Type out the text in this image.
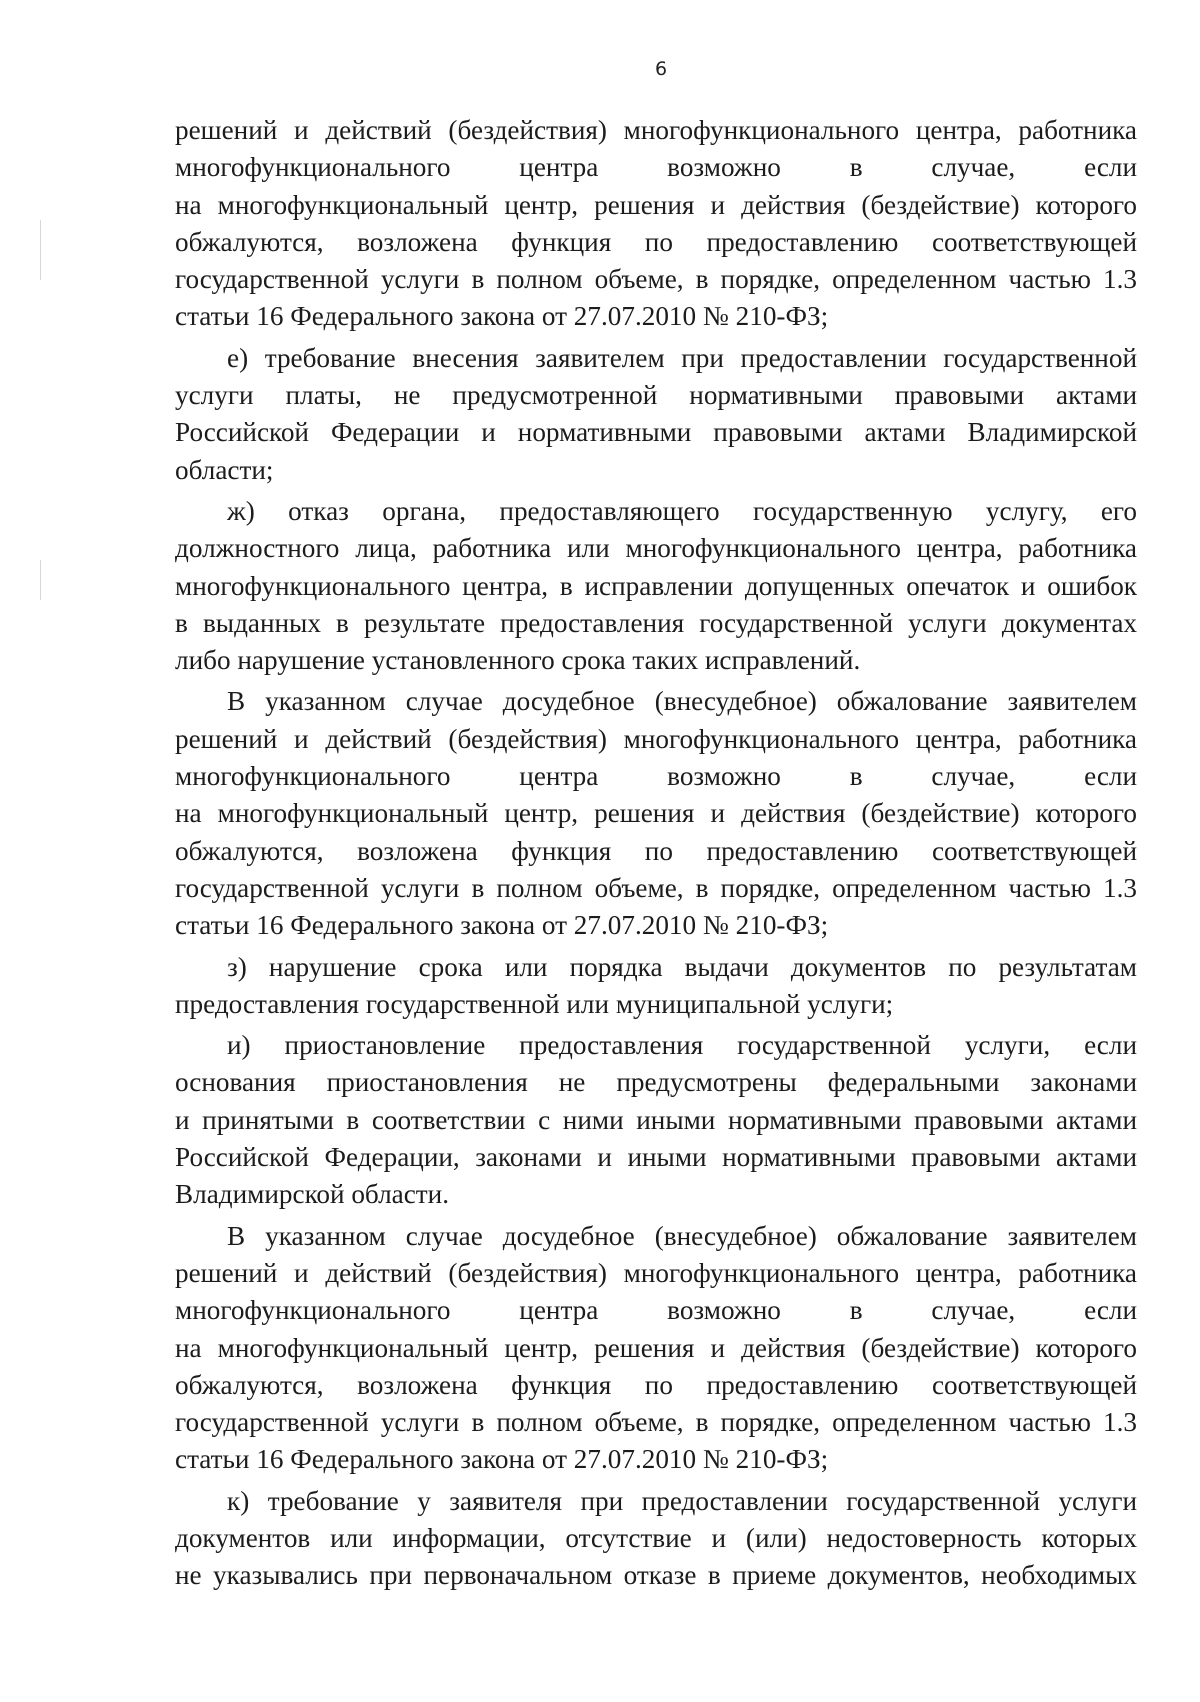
6
решений и действий (бездействия) многофункционального центра, работника
многофункционального центра возможно в случае, если
на многофункциональный центр, решения и действия (бездействие) которого
обжалуются, возложена функция по предоставлению соответствующей
государственной услуги в полном объеме, в порядке, определенном частью 1.3
статьи 16 Федерального закона от 27.07.2010 № 210-ФЗ;
е) требование внесения заявителем при предоставлении государственной
услуги платы, не предусмотренной нормативными правовыми актами
Российской Федерации и нормативными правовыми актами Владимирской
области;
ж) отказ органа, предоставляющего государственную услугу, его
должностного лица, работника или многофункционального центра, работника
многофункционального центра, в исправлении допущенных опечаток и ошибок
в выданных в результате предоставления государственной услуги документах
либо нарушение установленного срока таких исправлений.
В указанном случае досудебное (внесудебное) обжалование заявителем
решений и действий (бездействия) многофункционального центра, работника
многофункционального центра возможно в случае, если
на многофункциональный центр, решения и действия (бездействие) которого
обжалуются, возложена функция по предоставлению соответствующей
государственной услуги в полном объеме, в порядке, определенном частью 1.3
статьи 16 Федерального закона от 27.07.2010 № 210-ФЗ;
з) нарушение срока или порядка выдачи документов по результатам
предоставления государственной или муниципальной услуги;
и) приостановление предоставления государственной услуги, если
основания приостановления не предусмотрены федеральными законами
и принятыми в соответствии с ними иными нормативными правовыми актами
Российской Федерации, законами и иными нормативными правовыми актами
Владимирской области.
В указанном случае досудебное (внесудебное) обжалование заявителем
решений и действий (бездействия) многофункционального центра, работника
многофункционального центра возможно в случае, если
на многофункциональный центр, решения и действия (бездействие) которого
обжалуются, возложена функция по предоставлению соответствующей
государственной услуги в полном объеме, в порядке, определенном частью 1.3
статьи 16 Федерального закона от 27.07.2010 № 210-ФЗ;
к) требование у заявителя при предоставлении государственной услуги
документов или информации, отсутствие и (или) недостоверность которых
не указывались при первоначальном отказе в приеме документов, необходимых
